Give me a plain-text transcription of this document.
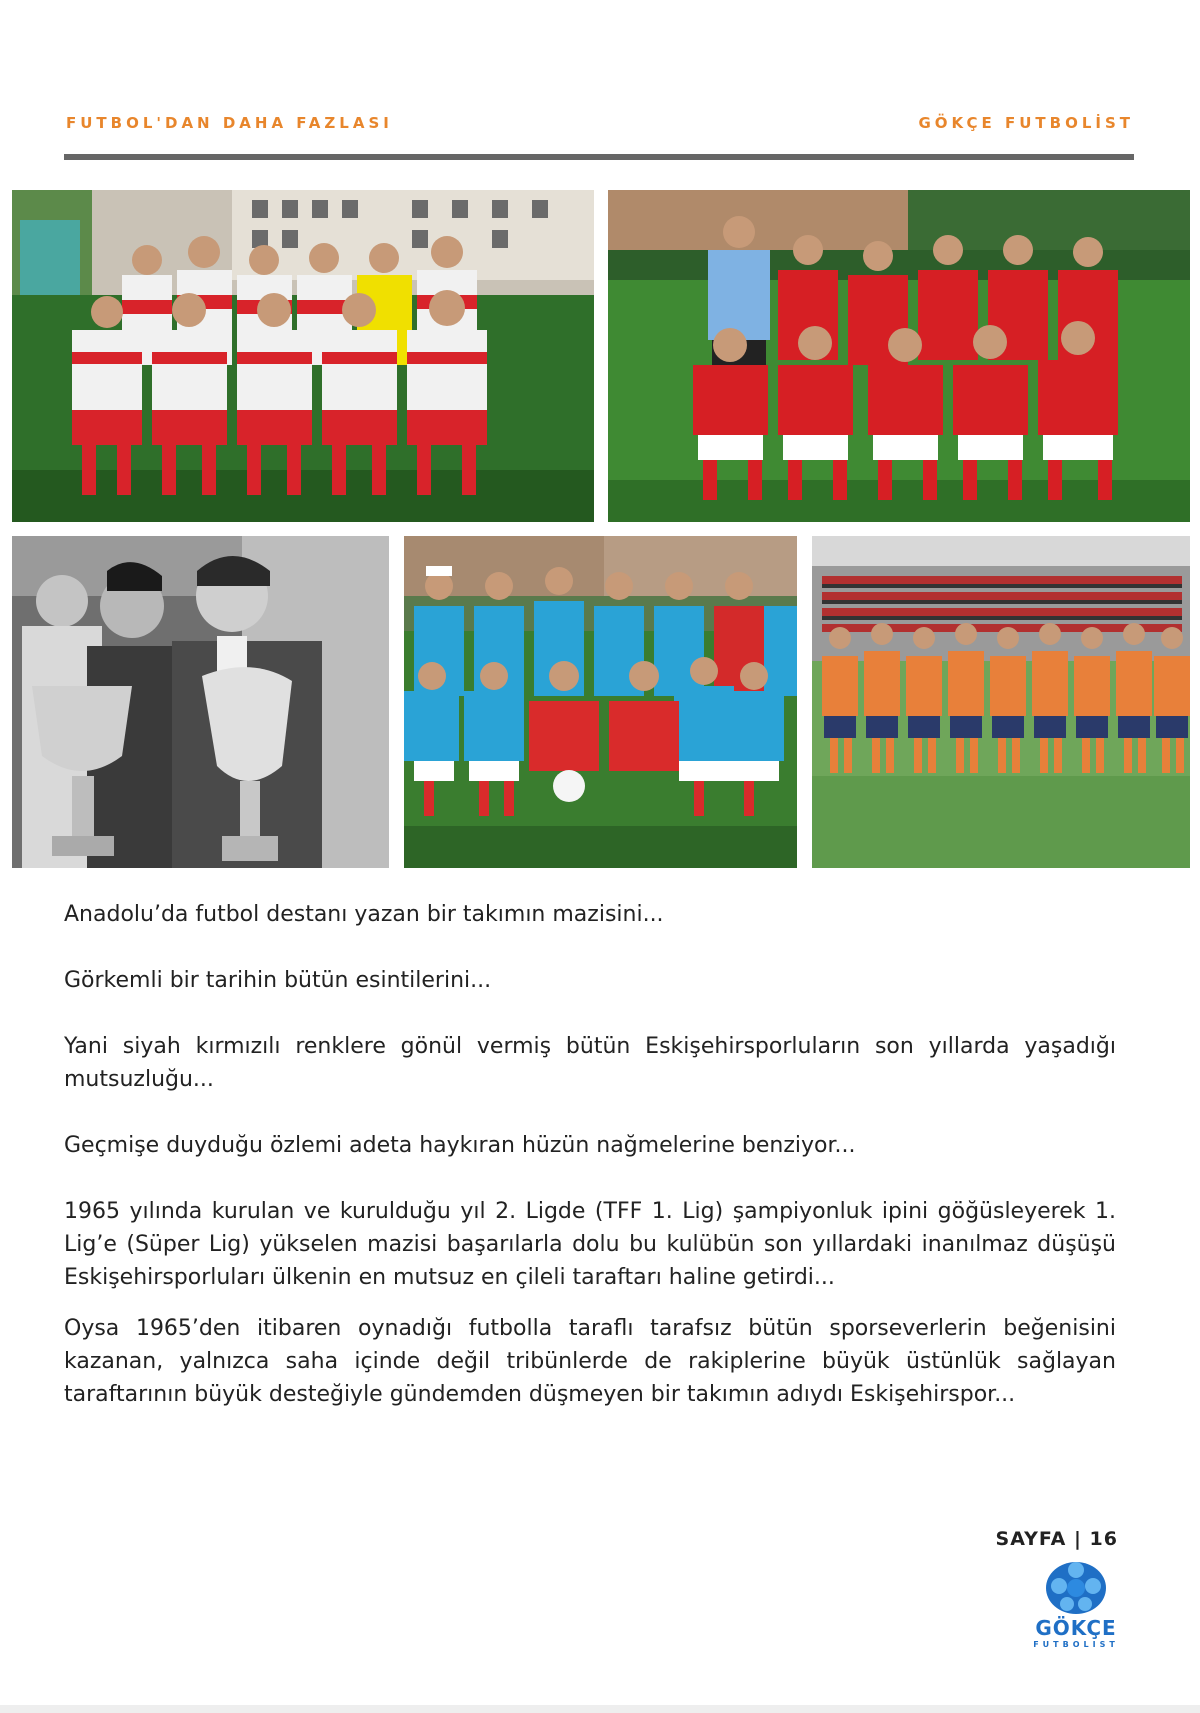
FUTBOL'DAN DAHA FAZLASI	GÖKÇE FUTBOLİST

Anadolu’da futbol destanı yazan bir takımın mazisini...

Görkemli bir tarihin bütün esintilerini...

Yani siyah kırmızılı renklere gönül vermiş bütün Eskişehirsporluların son yıllarda yaşadığı mutsuzluğu...

Geçmişe duyduğu özlemi adeta haykıran hüzün nağmelerine benziyor...

1965 yılında kurulan ve kurulduğu yıl 2. Ligde (TFF 1. Lig) şampiyonluk ipini göğüsleyerek 1. Lig’e (Süper Lig) yükselen mazisi başarılarla dolu bu kulübün son yıllardaki inanılmaz düşüşü Eskişehirsporluları ülkenin en mutsuz en çileli taraftarı haline getirdi...

Oysa 1965’den itibaren oynadığı futbolla taraflı tarafsız bütün sporseverlerin beğenisini kazanan, yalnızca saha içinde değil tribünlerde de rakiplerine büyük üstünlük sağlayan taraftarının büyük desteğiyle gündemden düşmeyen bir takımın adıydı Eskişehirspor...

SAYFA | 16
GÖKÇE
FUTBOLIST
